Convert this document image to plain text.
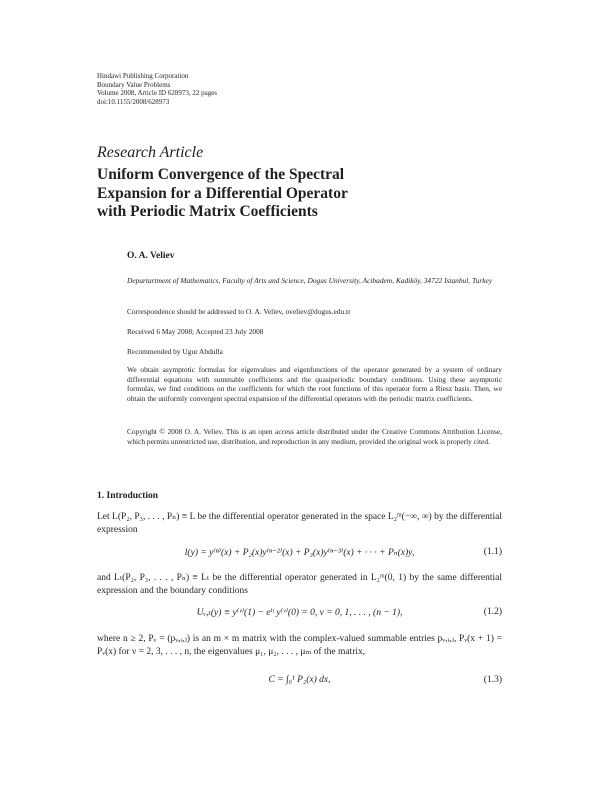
Hindawi Publishing Corporation
Boundary Value Problems
Volume 2008, Article ID 628973, 22 pages
doi:10.1155/2008/628973
Research Article
Uniform Convergence of the Spectral
Expansion for a Differential Operator
with Periodic Matrix Coefficients
O. A. Veliev
Departartment of Mathematics, Faculty of Arts and Science, Dogus University, Acibadem, Kadiköy, 34722 Istanbul, Turkey
Correspondence should be addressed to O. A. Veliev, oveliev@dogus.edu.tr
Received 6 May 2008; Accepted 23 July 2008
Recommended by Ugur Abdulla
We obtain asymptotic formulas for eigenvalues and eigenfunctions of the operator generated by a system of ordinary differential equations with summable coefficients and the quasiperiodic boundary conditions. Using these asymptotic formulas, we find conditions on the coefficients for which the root functions of this operator form a Riesz basis. Then, we obtain the uniformly convergent spectral expansion of the differential operators with the periodic matrix coefficients.
Copyright © 2008 O. A. Veliev. This is an open access article distributed under the Creative Commons Attribution License, which permits unrestricted use, distribution, and reproduction in any medium, provided the original work is properly cited.
1. Introduction
Let L(P₂, P₃, . . . , Pₙ) ≡ L be the differential operator generated in the space L₂ᵐ(−∞, ∞) by the differential expression
l(y) = y⁽ⁿ⁾(x) + P₂(x)y⁽ⁿ⁻²⁾(x) + P₃(x)y⁽ⁿ⁻³⁾(x) + · · · + Pₙ(x)y,	(1.1)
and Lₜ(P₂, P₃, . . . , Pₙ) ≡ Lₜ be the differential operator generated in L₂ᵐ(0, 1) by the same differential expression and the boundary conditions
Uᵥ,ₜ(y) ≡ y⁽ᵛ⁾(1) − eⁱᵗ y⁽ᵛ⁾(0) = 0, ν = 0, 1, . . . , (n − 1),	(1.2)
where n ≥ 2, Pᵥ = (pᵥ,ᵢ,ⱼ) is an m × m matrix with the complex-valued summable entries pᵥ,ᵢ,ⱼ, Pᵥ(x + 1) = Pᵥ(x) for ν = 2, 3, . . . , n, the eigenvalues μ₁, μ₂, . . . , μₘ of the matrix,
C = ∫₀¹ P₂(x) dx,	(1.3)
